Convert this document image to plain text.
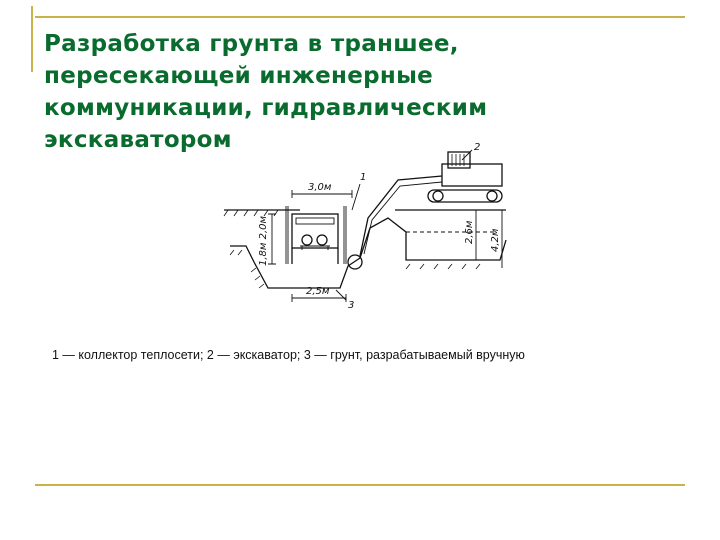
Разработка грунта в траншее,
пересекающей инженерные
коммуникации, гидравлическим
экскаватором
3,0м
2,5м
1,8м 2,0м	2,6м 4,2м
1
2
3
1 — коллектор теплосети; 2 — экскаватор; 3 — грунт, разрабатываемый вручную
